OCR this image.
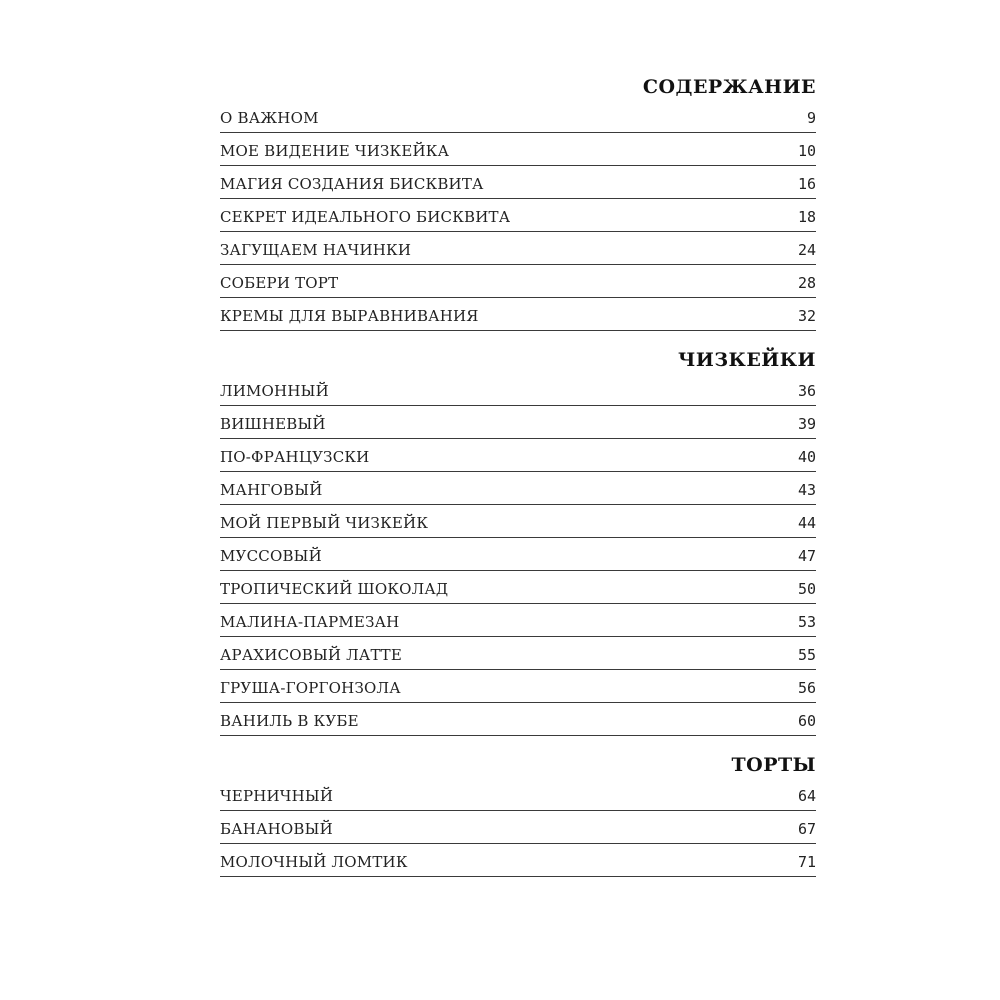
СОДЕРЖАНИЕ
О ВАЖНОМ	9
МОЕ ВИДЕНИЕ ЧИЗКЕЙКА	10
МАГИЯ СОЗДАНИЯ БИСКВИТА	16
СЕКРЕТ ИДЕАЛЬНОГО БИСКВИТА	18
ЗАГУЩАЕМ НАЧИНКИ	24
СОБЕРИ ТОРТ	28
КРЕМЫ ДЛЯ ВЫРАВНИВАНИЯ	32
ЧИЗКЕЙКИ
ЛИМОННЫЙ	36
ВИШНЕВЫЙ	39
ПО-ФРАНЦУЗСКИ	40
МАНГОВЫЙ	43
МОЙ ПЕРВЫЙ ЧИЗКЕЙК	44
МУССОВЫЙ	47
ТРОПИЧЕСКИЙ ШОКОЛАД	50
МАЛИНА-ПАРМЕЗАН	53
АРАХИСОВЫЙ ЛАТТЕ	55
ГРУША-ГОРГОНЗОЛА	56
ВАНИЛЬ В КУБЕ	60
ТОРТЫ
ЧЕРНИЧНЫЙ	64
БАНАНОВЫЙ	67
МОЛОЧНЫЙ ЛОМТИК	71
